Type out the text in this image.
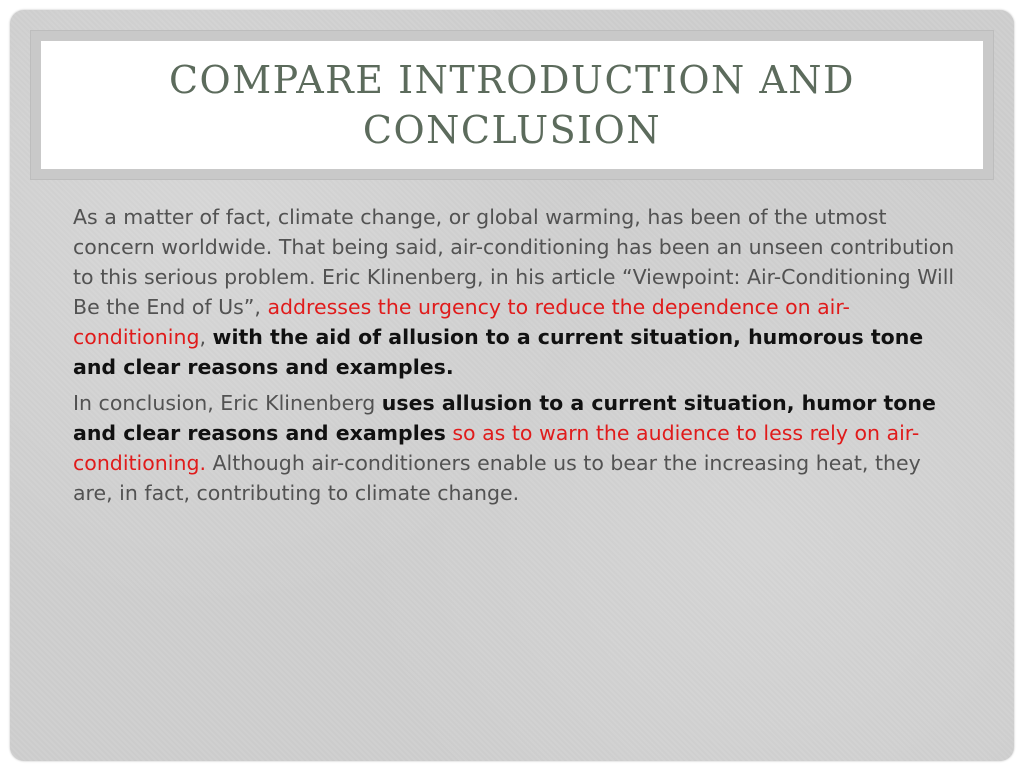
COMPARE INTRODUCTION AND
CONCLUSION

As a matter of fact, climate change, or global warming, has been of the utmost concern worldwide. That being said, air-conditioning has been an unseen contribution to this serious problem. Eric Klinenberg, in his article “Viewpoint: Air-Conditioning Will Be the End of Us”, addresses the urgency to reduce the dependence on air-conditioning, with the aid of allusion to a current situation, humorous tone and clear reasons and examples.

In conclusion, Eric Klinenberg uses allusion to a current situation, humor tone and clear reasons and examples so as to warn the audience to less rely on air-conditioning. Although air-conditioners enable us to bear the increasing heat, they are, in fact, contributing to climate change.
